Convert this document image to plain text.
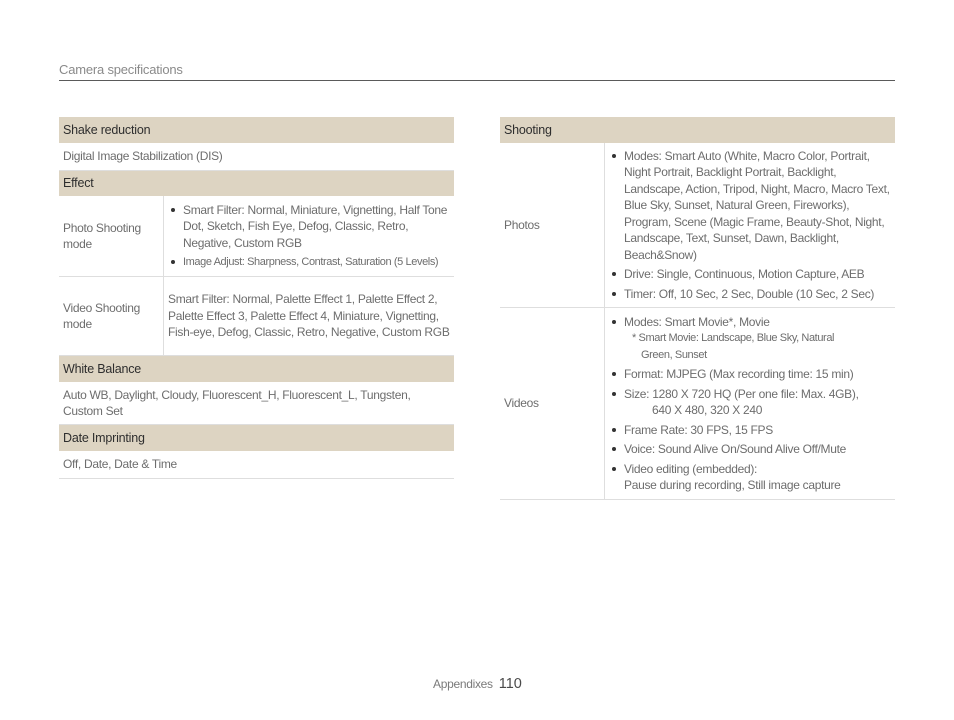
Camera specifications
Shake reduction
Digital Image Stabilization (DIS)
Effect
Photo Shooting mode
Smart Filter: Normal, Miniature, Vignetting, Half Tone Dot, Sketch, Fish Eye, Defog, Classic, Retro, Negative, Custom RGB
Image Adjust: Sharpness, Contrast, Saturation (5 Levels)
Video Shooting mode
Smart Filter: Normal, Palette Effect 1, Palette Effect 2, Palette Effect 3, Palette Effect 4, Miniature, Vignetting, Fish-eye, Defog, Classic, Retro, Negative, Custom RGB
White Balance
Auto WB, Daylight, Cloudy, Fluorescent_H, Fluorescent_L, Tungsten, Custom Set
Date Imprinting
Off, Date, Date & Time
Shooting
Photos
Modes: Smart Auto (White, Macro Color, Portrait, Night Portrait, Backlight Portrait, Backlight, Landscape, Action, Tripod, Night, Macro, Macro Text, Blue Sky, Sunset, Natural Green, Fireworks), Program, Scene (Magic Frame, Beauty-Shot, Night, Landscape, Text, Sunset, Dawn, Backlight, Beach&Snow)
Drive: Single, Continuous, Motion Capture, AEB
Timer: Off, 10 Sec, 2 Sec, Double (10 Sec, 2 Sec)
Videos
Modes: Smart Movie*, Movie
* Smart Movie: Landscape, Blue Sky, Natural
Green, Sunset
Format: MJPEG (Max recording time: 15 min)
Size: 1280 X 720 HQ (Per one file: Max. 4GB),
640 X 480, 320 X 240
Frame Rate: 30 FPS, 15 FPS
Voice: Sound Alive On/Sound Alive Off/Mute
Video editing (embedded):
Pause during recording, Still image capture
Appendixes 110
